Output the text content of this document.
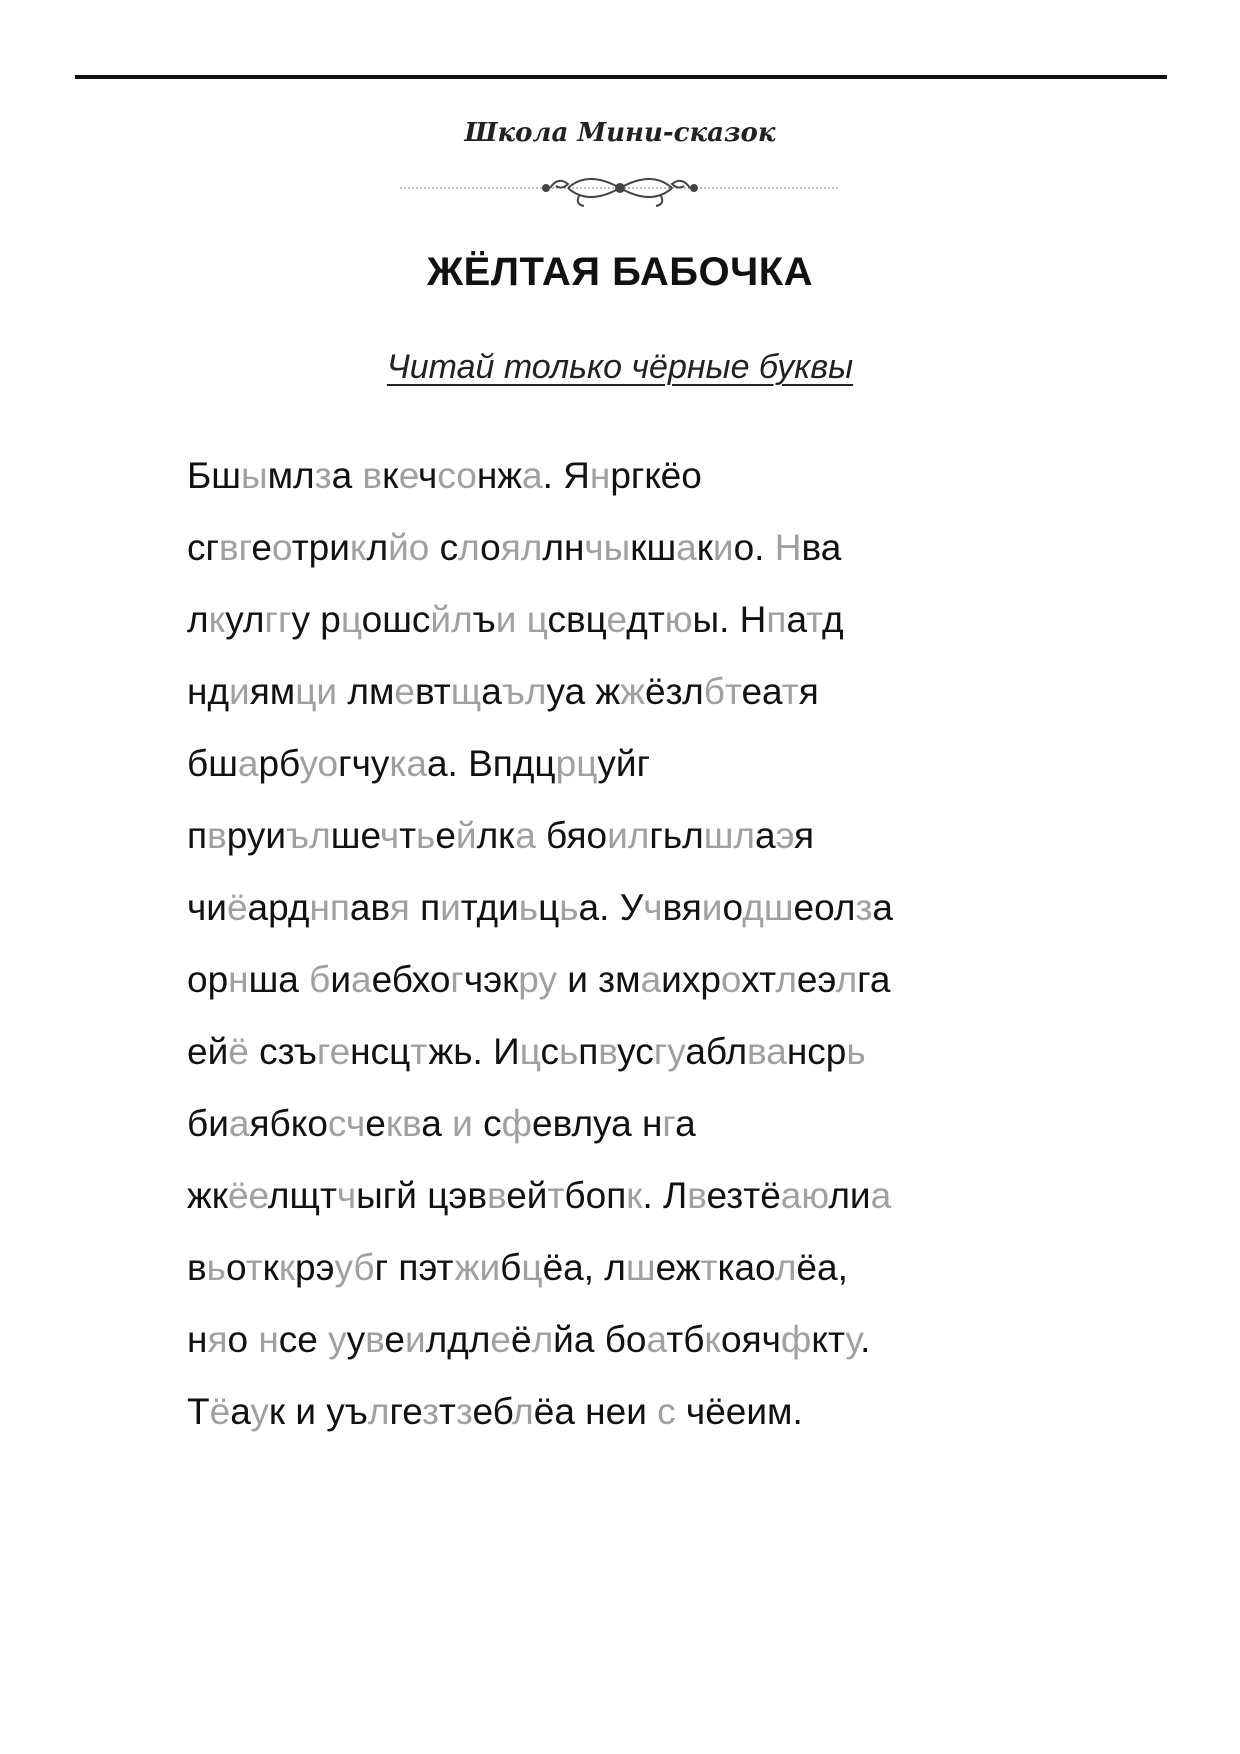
Школа Мини-сказок
ЖЁЛТАЯ БАБОЧКА
Читай только чёрные буквы
Бшымлза вкечсонжа. Янргкёо
сгвгеотриклйо слояллнчыкшакио. Нва
лкулггу рцошсйлъи цсвцедтюы. Нпатд
ндиямци лмевтщаълуа жжёзлбтеатя
бшарбуогчукаа. Впдцрцуйг
пвруиълшечтьейлка бяоилгьлшлаэя
чиёарднпавя питдиьцьа. Учвяиодшеолза
орнша биаебхогчэкру и змаихрохтлеэлга
ейё сзъгенсцтжь. Ицсьпвусгуаблвансрь
биаябкосчеква и сфевлуа нга
жкёелщтчыгй цэввейтбопк. Лвезтёаюлиа
вьотккрэубг пэтжибцёа, лшежткаолёа,
няо нсе уувеилдлеёлйа боатбкоячфкту.
Тёаук и уългезтзеблёа неи с чёеим.
